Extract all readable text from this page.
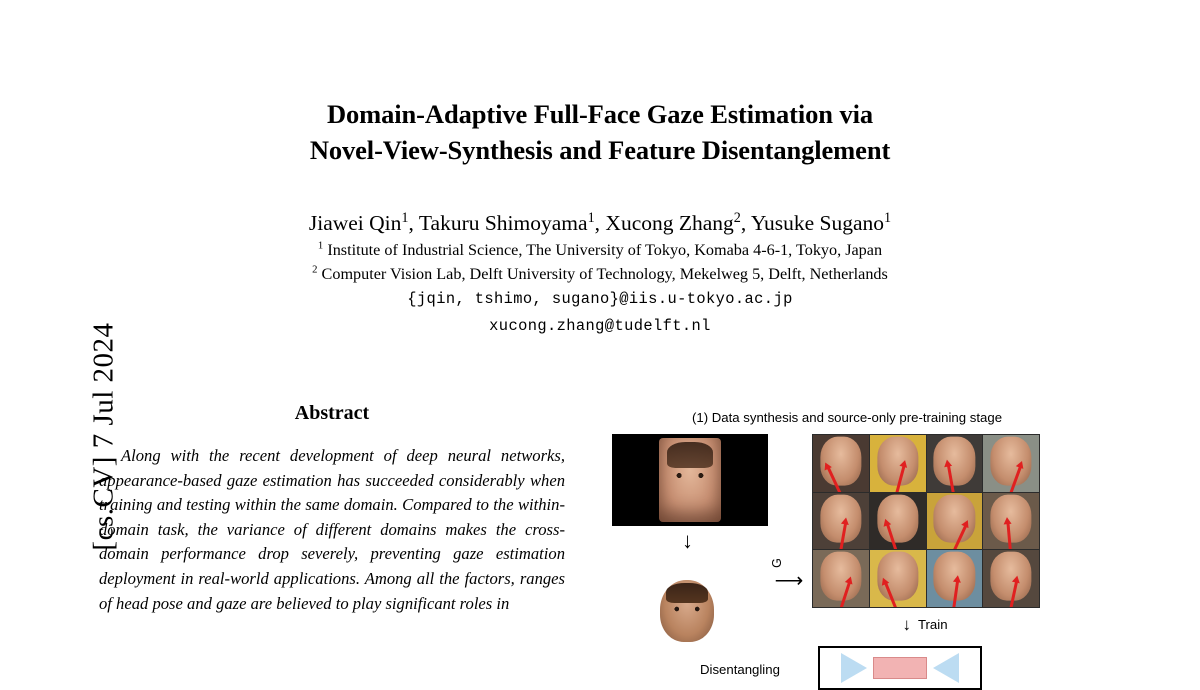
[cs.CV] 7 Jul 2024
Domain-Adaptive Full-Face Gaze Estimation via
Novel-View-Synthesis and Feature Disentanglement
Jiawei Qin$^1$, Takuru Shimoyama$^1$, Xucong Zhang$^2$, Yusuke Sugano$^1$
$^1$ Institute of Industrial Science, The University of Tokyo, Komaba 4-6-1, Tokyo, Japan
$^2$ Computer Vision Lab, Delft University of Technology, Mekelweg 5, Delft, Netherlands
{jqin, tshimo, sugano}@iis.u-tokyo.ac.jp
xucong.zhang@tudelft.nl
Abstract
Along with the recent development of deep neural networks, appearance-based gaze estimation has succeeded considerably when training and testing within the same domain. Compared to the within-domain task, the variance of different domains makes the cross-domain performance drop severely, preventing gaze estimation deployment in real-world applications. Among all the factors, ranges of head pose and gaze are believed to play significant roles in
(1) Data synthesis and source-only pre-training stage
↓
G
⟶
↓ Train
Disentangling
